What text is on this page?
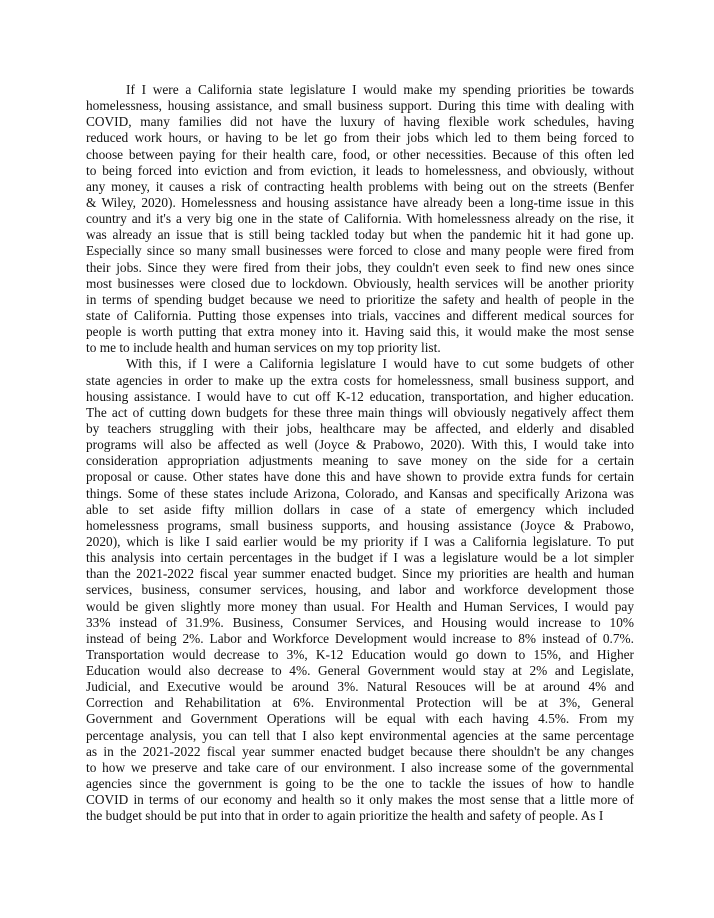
If I were a California state legislature I would make my spending priorities be towards
homelessness, housing assistance, and small business support. During this time with dealing with
COVID, many families did not have the luxury of having flexible work schedules, having
reduced work hours, or having to be let go from their jobs which led to them being forced to
choose between paying for their health care, food, or other necessities. Because of this often led
to being forced into eviction and from eviction, it leads to homelessness, and obviously, without
any money, it causes a risk of contracting health problems with being out on the streets (Benfer
& Wiley, 2020). Homelessness and housing assistance have already been a long-time issue in this
country and it's a very big one in the state of California. With homelessness already on the rise, it
was already an issue that is still being tackled today but when the pandemic hit it had gone up.
Especially since so many small businesses were forced to close and many people were fired from
their jobs. Since they were fired from their jobs, they couldn't even seek to find new ones since
most businesses were closed due to lockdown. Obviously, health services will be another priority
in terms of spending budget because we need to prioritize the safety and health of people in the
state of California. Putting those expenses into trials, vaccines and different medical sources for
people is worth putting that extra money into it. Having said this, it would make the most sense
to me to include health and human services on my top priority list.
With this, if I were a California legislature I would have to cut some budgets of other
state agencies in order to make up the extra costs for homelessness, small business support, and
housing assistance. I would have to cut off K-12 education, transportation, and higher education.
The act of cutting down budgets for these three main things will obviously negatively affect them
by teachers struggling with their jobs, healthcare may be affected, and elderly and disabled
programs will also be affected as well (Joyce & Prabowo, 2020). With this, I would take into
consideration appropriation adjustments meaning to save money on the side for a certain
proposal or cause. Other states have done this and have shown to provide extra funds for certain
things. Some of these states include Arizona, Colorado, and Kansas and specifically Arizona was
able to set aside fifty million dollars in case of a state of emergency which included
homelessness programs, small business supports, and housing assistance (Joyce & Prabowo,
2020), which is like I said earlier would be my priority if I was a California legislature. To put
this analysis into certain percentages in the budget if I was a legislature would be a lot simpler
than the 2021-2022 fiscal year summer enacted budget. Since my priorities are health and human
services, business, consumer services, housing, and labor and workforce development those
would be given slightly more money than usual. For Health and Human Services, I would pay
33% instead of 31.9%. Business, Consumer Services, and Housing would increase to 10%
instead of being 2%. Labor and Workforce Development would increase to 8% instead of 0.7%.
Transportation would decrease to 3%, K-12 Education would go down to 15%, and Higher
Education would also decrease to 4%. General Government would stay at 2% and Legislate,
Judicial, and Executive would be around 3%. Natural Resouces will be at around 4% and
Correction and Rehabilitation at 6%. Environmental Protection will be at 3%, General
Government and Government Operations will be equal with each having 4.5%. From my
percentage analysis, you can tell that I also kept environmental agencies at the same percentage
as in the 2021-2022 fiscal year summer enacted budget because there shouldn't be any changes
to how we preserve and take care of our environment. I also increase some of the governmental
agencies since the government is going to be the one to tackle the issues of how to handle
COVID in terms of our economy and health so it only makes the most sense that a little more of
the budget should be put into that in order to again prioritize the health and safety of people. As I
